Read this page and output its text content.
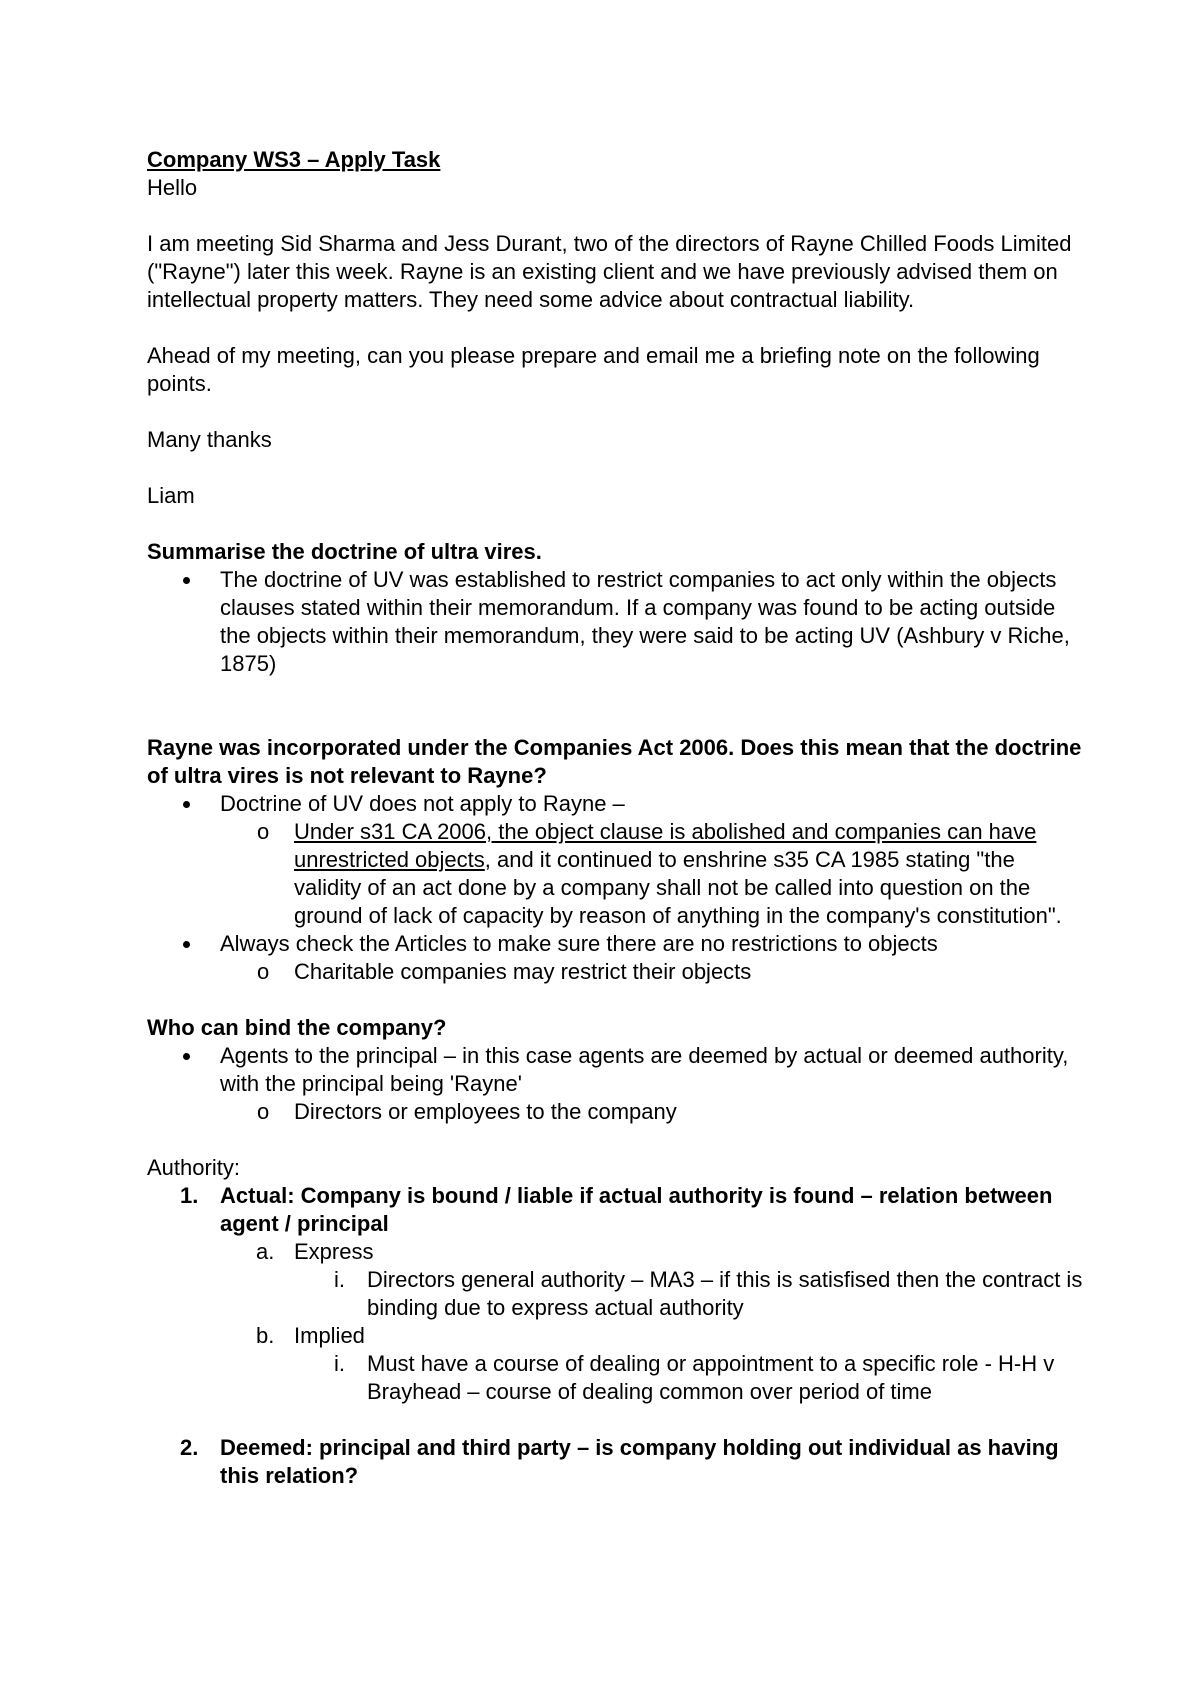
Company WS3 – Apply Task

Hello

I am meeting Sid Sharma and Jess Durant, two of the directors of Rayne Chilled Foods Limited ("Rayne") later this week. Rayne is an existing client and we have previously advised them on intellectual property matters. They need some advice about contractual liability.

Ahead of my meeting, can you please prepare and email me a briefing note on the following points.

Many thanks

Liam

Summarise the doctrine of ultra vires.

The doctrine of UV was established to restrict companies to act only within the objects clauses stated within their memorandum. If a company was found to be acting outside the objects within their memorandum, they were said to be acting UV (Ashbury v Riche, 1875)

Rayne was incorporated under the Companies Act 2006. Does this mean that the doctrine of ultra vires is not relevant to Rayne?

Doctrine of UV does not apply to Rayne –
o Under s31 CA 2006, the object clause is abolished and companies can have unrestricted objects, and it continued to enshrine s35 CA 1985 stating "the validity of an act done by a company shall not be called into question on the ground of lack of capacity by reason of anything in the company's constitution".
Always check the Articles to make sure there are no restrictions to objects
o Charitable companies may restrict their objects

Who can bind the company?

Agents to the principal – in this case agents are deemed by actual or deemed authority, with the principal being 'Rayne'
o Directors or employees to the company

Authority:

1. Actual: Company is bound / liable if actual authority is found – relation between agent / principal
a. Express
i. Directors general authority – MA3 – if this is satisfised then the contract is binding due to express actual authority
b. Implied
i. Must have a course of dealing or appointment to a specific role - H-H v Brayhead – course of dealing common over period of time
2. Deemed: principal and third party – is company holding out individual as having this relation?
